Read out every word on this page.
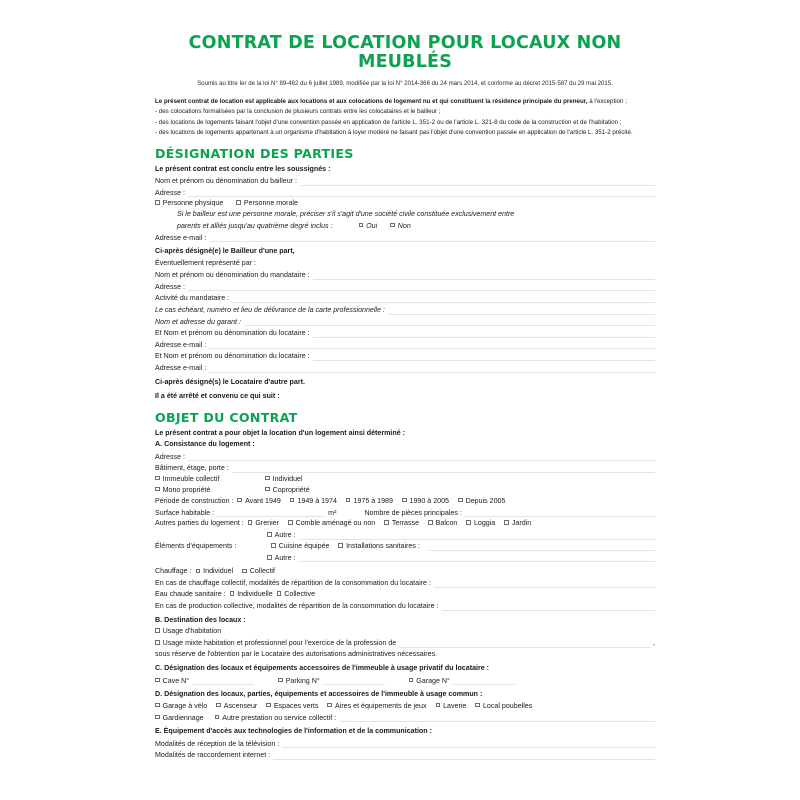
CONTRAT DE LOCATION POUR LOCAUX NON MEUBLÉS
Soumis au titre Ier de la loi N° 89-462 du 6 juillet 1989, modifiée par la loi N° 2014-366 du 24 mars 2014, et conforme au décret 2015-587 du 29 mai 2015.
Le présent contrat de location est applicable aux locations et aux colocations de logement nu et qui constituent la résidence principale du preneur, à l'exception ;
- des colocations formalisées par la conclusion de plusieurs contrats entre les colocataires et le bailleur ;
- des locations de logements faisant l'objet d'une convention passée en application de l'article L. 351-2 ou de l'article L. 321-8 du code de la construction et de l'habitation ;
- des locations de logements appartenant à un organisme d'habitation à loyer modéré ne faisant pas l'objet d'une convention passée en application de l'article L. 351-2 précité.
DÉSIGNATION DES PARTIES
Le présent contrat est conclu entre les soussignés :
Nom et prénom ou dénomination du bailleur :
Adresse :
Personne physique	Personne morale
Si le bailleur est une personne morale, préciser s'il s'agit d'une société civile constituée exclusivement entre
parents et alliés jusqu'au quatrième degré inclus :	Oui	Non
Adresse e-mail :
Ci-après désigné(e) le Bailleur d'une part,
Éventuellement représenté par :
Nom et prénom ou dénomination du mandataire :
Adresse :
Activité du mandataire :
Le cas échéant, numéro et lieu de délivrance de la carte professionnelle :
Nom et adresse du garant :
Et Nom et prénom ou dénomination du locataire :
Adresse e-mail :
Et Nom et prénom ou dénomination du locataire :
Adresse e-mail :
Ci-après désigné(s) le Locataire d'autre part.
Il a été arrêté et convenu ce qui suit :
OBJET DU CONTRAT
Le présent contrat a pour objet la location d'un logement ainsi déterminé :
A. Consistance du logement :
Adresse :
Bâtiment, étage, porte :
Immeuble collectif	Individuel
Mono propriété	Copropriété
Période de construction :	Avant 1949	1949 à 1974	1975 à 1989	1990 à 2005	Depuis 2005
Surface habitable :	m²	Nombre de pièces principales :
Autres parties du logement :	Grenier	Comble aménagé ou non	Terrasse	Balcon	Loggia	Jardin
Autre :
Éléments d'équipements :	Cuisine équipée	Installations sanitaires :
Autre :
Chauffage :	Individuel	Collectif
En cas de chauffage collectif, modalités de répartition de la consommation du locataire :
Eau chaude sanitaire :	Individuelle	Collective
En cas de production collective, modalités de répartition de la consommation du locataire :
B. Destination des locaux :
Usage d'habitation
Usage mixte habitation et professionnel pour l'exercice de la profession de	,
sous réserve de l'obtention par le Locataire des autorisations administratives nécessaires.
C. Désignation des locaux et équipements accessoires de l'immeuble à usage privatif du locataire :
Cave N°	Parking N°	Garage N°
D. Désignation des locaux, parties, équipements et accessoires de l'immeuble à usage commun :
Garage à vélo	Ascenseur	Espaces verts	Aires et équipements de jeux	Laverie	Local poubelles
Gardiennage	Autre prestation ou service collectif :
E. Équipement d'accès aux technologies de l'information et de la communication :
Modalités de réception de la télévision :
Modalités de raccordement internet :
